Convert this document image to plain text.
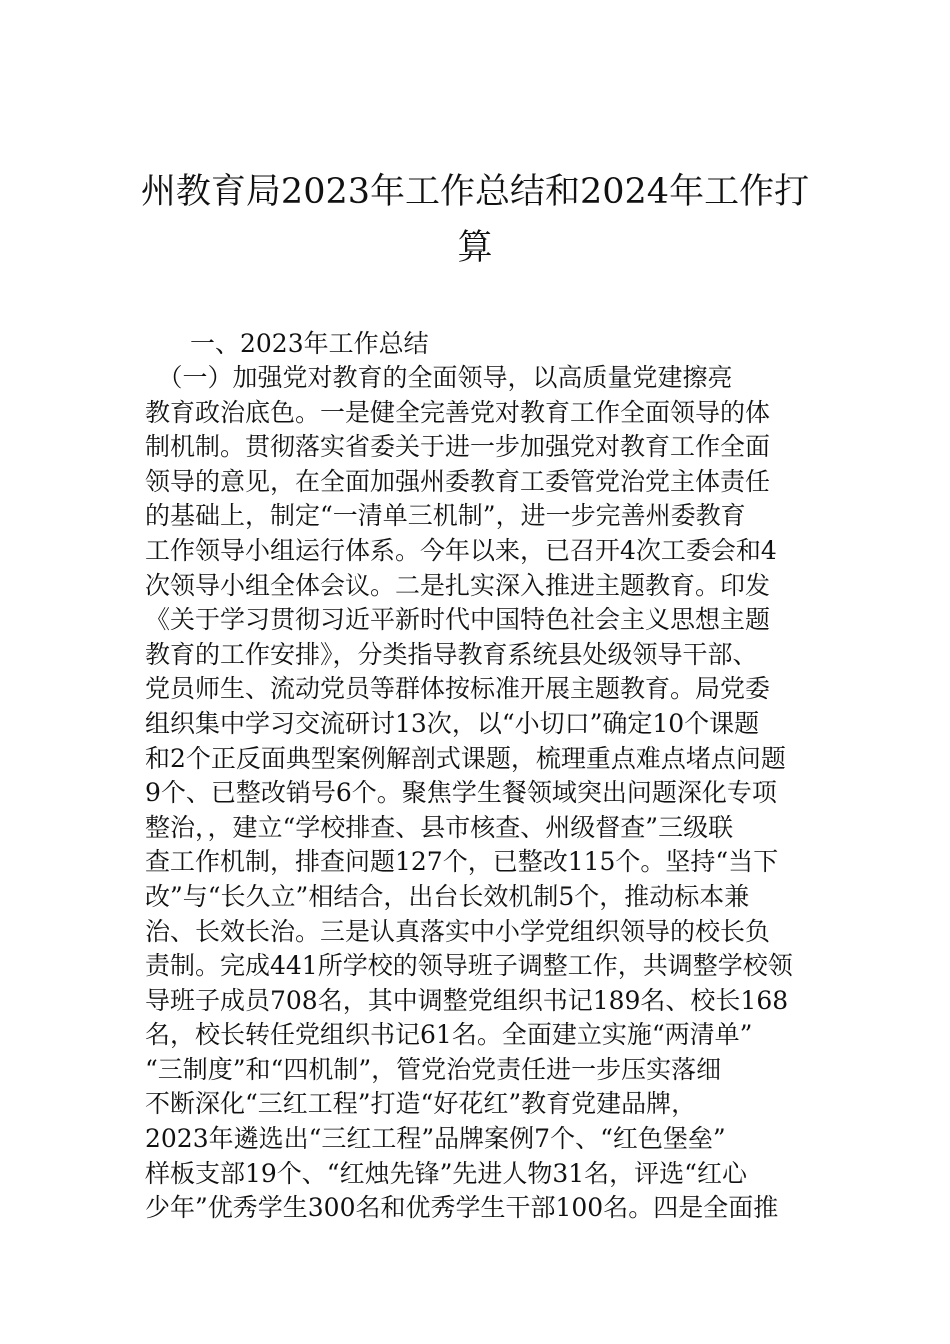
州教育局2023年工作总结和2024年工作打
算

一、2023年工作总结

　（一）加强党对教育的全面领导，以高质量党建擦亮
教育政治底色。一是健全完善党对教育工作全面领导的体
制机制。贯彻落实省委关于进一步加强党对教育工作全面
领导的意见，在全面加强州委教育工委管党治党主体责任
的基础上，制定“一清单三机制”，进一步完善州委教育
工作领导小组运行体系。今年以来，已召开4次工委会和4
次领导小组全体会议。二是扎实深入推进主题教育。印发
《关于学习贯彻习近平新时代中国特色社会主义思想主题
教育的工作安排》，分类指导教育系统县处级领导干部、
党员师生、流动党员等群体按标准开展主题教育。局党委
组织集中学习交流研讨13次，以“小切口”确定10个课题
和2个正反面典型案例解剖式课题，梳理重点难点堵点问题
9个、已整改销号6个。聚焦学生餐领域突出问题深化专项
整治，，建立“学校排查、县市核查、州级督查”三级联
查工作机制，排查问题127个，已整改115个。坚持“当下
改”与“长久立”相结合，出台长效机制5个，推动标本兼
治、长效长治。三是认真落实中小学党组织领导的校长负
责制。完成441所学校的领导班子调整工作，共调整学校领
导班子成员708名，其中调整党组织书记189名、校长168
名，校长转任党组织书记61名。全面建立实施“两清单”
“三制度”和“四机制”，管党治党责任进一步压实落细
不断深化“三红工程”打造“好花红”教育党建品牌，
2023年遴选出“三红工程”品牌案例7个、“红色堡垒”
样板支部19个、“红烛先锋”先进人物31名，评选“红心
少年”优秀学生300名和优秀学生干部100名。四是全面推
